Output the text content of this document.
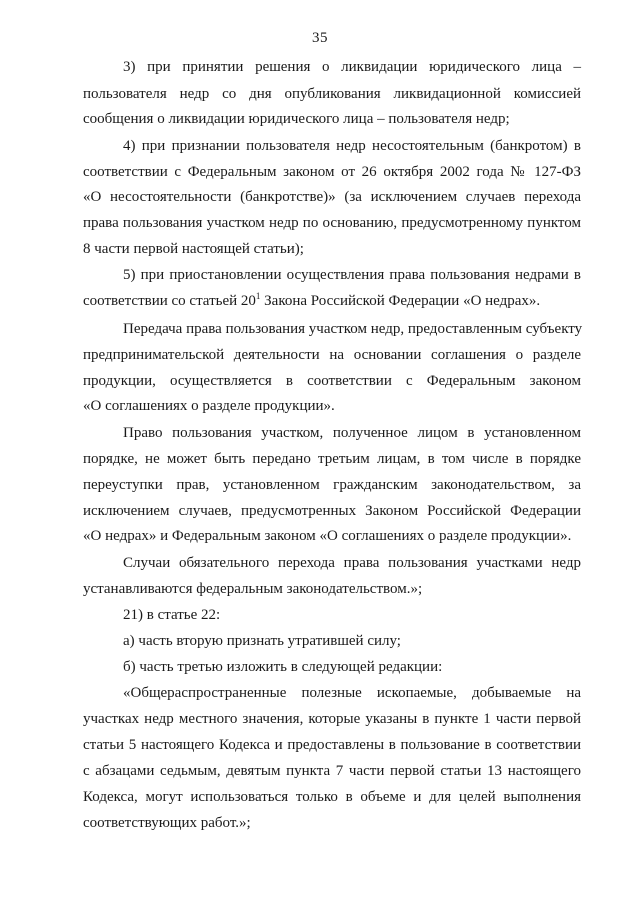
35
3) при принятии решения о ликвидации юридического лица –
пользователя недр со дня опубликования ликвидационной комиссией
сообщения о ликвидации юридического лица – пользователя недр;
4) при признании пользователя недр несостоятельным (банкротом) в
соответствии с Федеральным законом от 26 октября 2002 года № 127-ФЗ
«О несостоятельности (банкротстве)» (за исключением случаев перехода
права пользования участком недр по основанию, предусмотренному пунктом
8 части первой настоящей статьи);
5) при приостановлении осуществления права пользования недрами в
соответствии со статьей $20^1$ Закона Российской Федерации «О недрах».
Передача права пользования участком недр, предоставленным субъекту
предпринимательской деятельности на основании соглашения о разделе
продукции, осуществляется в соответствии с Федеральным законом
«О соглашениях о разделе продукции».
Право пользования участком, полученное лицом в установленном
порядке, не может быть передано третьим лицам, в том числе в порядке
переуступки прав, установленном гражданским законодательством, за
исключением случаев, предусмотренных Законом Российской Федерации
«О недрах» и Федеральным законом «О соглашениях о разделе продукции».
Случаи обязательного перехода права пользования участками недр
устанавливаются федеральным законодательством.»;
21) в статье 22:
а) часть вторую признать утратившей силу;
б) часть третью изложить в следующей редакции:
«Общераспространенные полезные ископаемые, добываемые на
участках недр местного значения, которые указаны в пункте 1 части первой
статьи 5 настоящего Кодекса и предоставлены в пользование в соответствии
с абзацами седьмым, девятым пункта 7 части первой статьи 13 настоящего
Кодекса, могут использоваться только в объеме и для целей выполнения
соответствующих работ.»;
